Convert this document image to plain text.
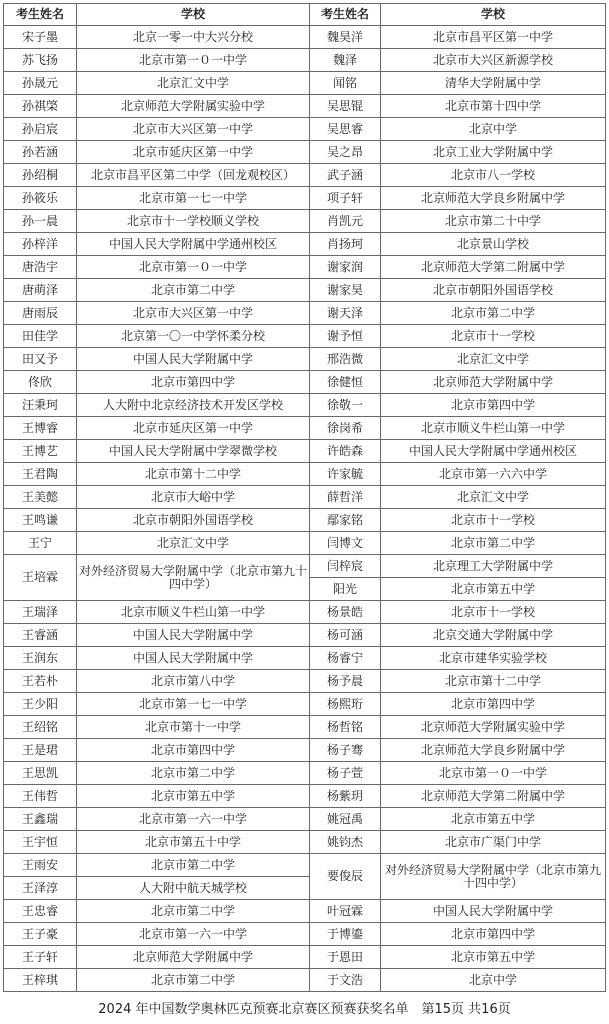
考生姓名	学校	考生姓名	学校
宋子墨	北京一零一中大兴分校	魏昊洋	北京市昌平区第一中学
苏飞扬	北京市第一０一中学	魏泽	北京市大兴区新源学校
孙晟元	北京汇文中学	闻铭	清华大学附属中学
孙祺棨	北京师范大学附属实验中学	吴思锟	北京市第十四中学
孙启宸	北京市大兴区第一中学	吴思睿	北京中学
孙若涵	北京市延庆区第一中学	吴之昂	北京工业大学附属中学
孙绍桐	北京市昌平区第二中学（回龙观校区）	武子涵	北京市八一学校
孙筱乐	北京市第一七一中学	项子轩	北京师范大学良乡附属中学
孙一晨	北京市十一学校顺义学校	肖凯元	北京市第二十中学
孙梓洋	中国人民大学附属中学通州校区	肖扬珂	北京景山学校
唐浩宇	北京市第一０一中学	谢家润	北京师范大学第二附属中学
唐萌泽	北京市第二中学	谢家昊	北京市朝阳外国语学校
唐雨辰	北京市大兴区第一中学	谢天泽	北京市第二中学
田佳学	北京第一〇一中学怀柔分校	谢予恒	北京市十一学校
田又予	中国人民大学附属中学	邢浩微	北京汇文中学
佟欣	北京市第四中学	徐健恒	北京师范大学附属中学
汪秉珂	人大附中北京经济技术开发区学校	徐敬一	北京市第四中学
王博睿	北京市延庆区第一中学	徐岗希	北京市顺义牛栏山第一中学
王博艺	中国人民大学附属中学翠微学校	许皓森	中国人民大学附属中学通州校区
王君陶	北京市第十二中学	许家毓	北京市第一六六中学
王美懿	北京市大峪中学	薛哲洋	北京汇文中学
王鸣谦	北京市朝阳外国语学校	鄢家铭	北京市十一学校
王宁	北京汇文中学	闫博文	北京市第二中学
王培霖	对外经济贸易大学附属中学（北京市第九十四中学）	闫梓宸	北京理工大学附属中学
		阳光	北京市第五中学
王瑞泽	北京市顺义牛栏山第一中学	杨景皓	北京市十一学校
王睿涵	中国人民大学附属中学	杨可涵	北京交通大学附属中学
王润东	中国人民大学附属中学	杨睿宁	北京市建华实验学校
王若朴	北京市第八中学	杨予晨	北京市第十二中学
王少阳	北京市第一七一中学	杨熙珩	北京市第四中学
王绍铭	北京市第十一中学	杨哲铭	北京师范大学附属实验中学
王是珺	北京市第四中学	杨子骞	北京师范大学良乡附属中学
王思凯	北京市第二中学	杨子萱	北京市第一０一中学
王伟哲	北京市第五中学	杨紫玥	北京师范大学第二附属中学
王鑫瑞	北京市第一六一中学	姚冠禹	北京市第五中学
王宇恒	北京市第五十中学	姚钧杰	北京市广渠门中学
王雨安	北京市第二中学	要俊辰	对外经济贸易大学附属中学（北京市第九十四中学）
王泽淳	人大附中航天城学校		
王忠睿	北京市第二中学	叶冠霖	中国人民大学附属中学
王子豪	北京市第一六一中学	于博鎏	北京市第四中学
王子轩	北京师范大学附属中学	于恩田	北京市第五中学
王梓琪	北京市第二中学	于文浩	北京中学
2024 年中国数学奥林匹克预赛北京赛区预赛获奖名单　第15页 共16页
